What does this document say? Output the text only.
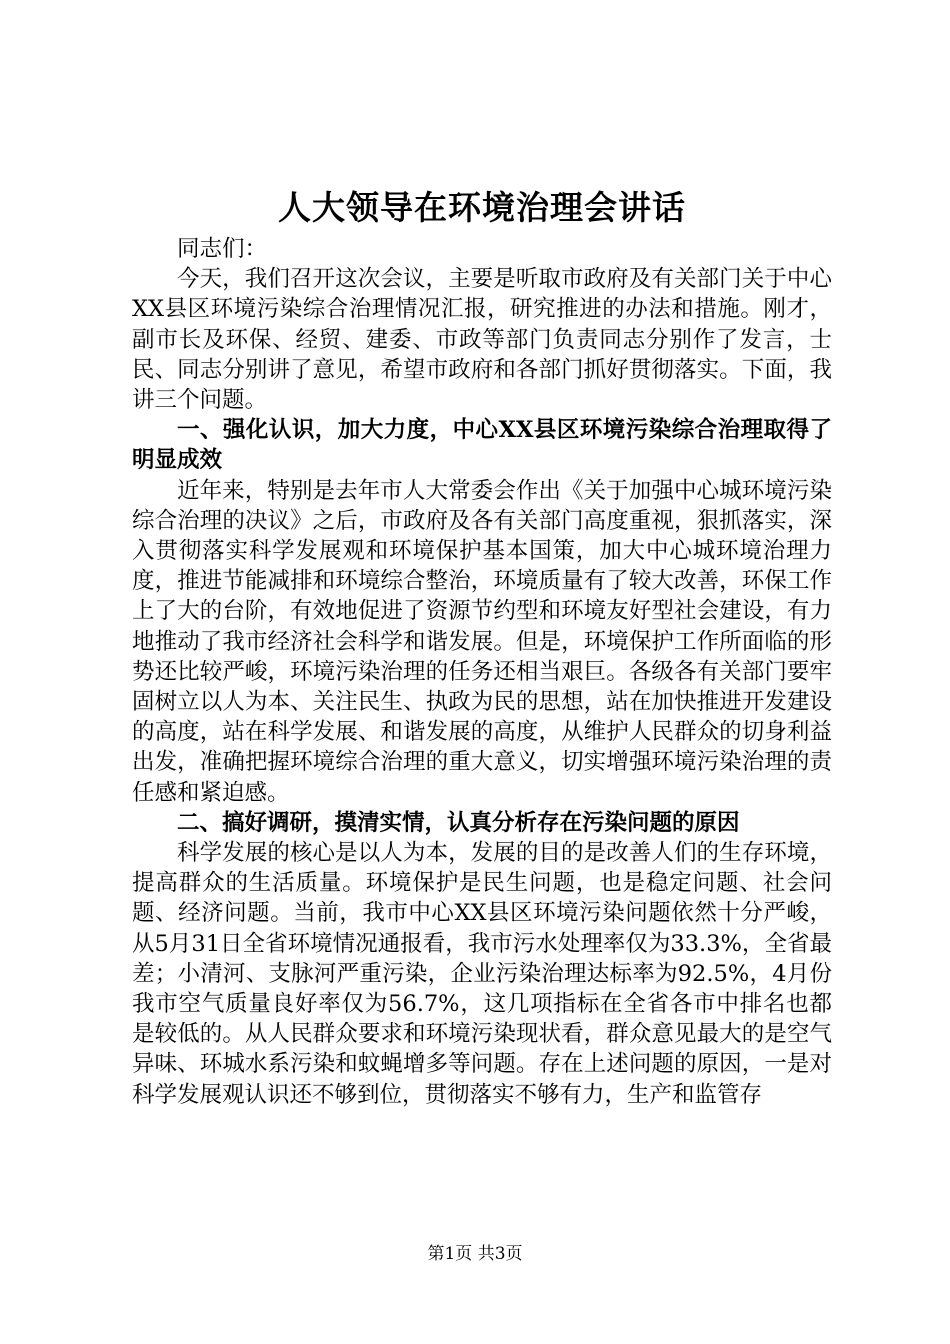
人大领导在环境治理会讲话

同志们：

今天，我们召开这次会议，主要是听取市政府及有关部门关于中心XX县区环境污染综合治理情况汇报，研究推进的办法和措施。刚才，副市长及环保、经贸、建委、市政等部门负责同志分别作了发言，士民、同志分别讲了意见，希望市政府和各部门抓好贯彻落实。下面，我讲三个问题。

一、强化认识，加大力度，中心XX县区环境污染综合治理取得了明显成效

近年来，特别是去年市人大常委会作出《关于加强中心城环境污染综合治理的决议》之后，市政府及各有关部门高度重视，狠抓落实，深入贯彻落实科学发展观和环境保护基本国策，加大中心城环境治理力度，推进节能减排和环境综合整治，环境质量有了较大改善，环保工作上了大的台阶，有效地促进了资源节约型和环境友好型社会建设，有力地推动了我市经济社会科学和谐发展。但是，环境保护工作所面临的形势还比较严峻，环境污染治理的任务还相当艰巨。各级各有关部门要牢固树立以人为本、关注民生、执政为民的思想，站在加快推进开发建设的高度，站在科学发展、和谐发展的高度，从维护人民群众的切身利益出发，准确把握环境综合治理的重大意义，切实增强环境污染治理的责任感和紧迫感。

二、搞好调研，摸清实情，认真分析存在污染问题的原因

科学发展的核心是以人为本，发展的目的是改善人们的生存环境，提高群众的生活质量。环境保护是民生问题，也是稳定问题、社会问题、经济问题。当前，我市中心XX县区环境污染问题依然十分严峻，从5月31日全省环境情况通报看，我市污水处理率仅为33.3%，全省最差；小清河、支脉河严重污染，企业污染治理达标率为92.5%，4月份我市空气质量良好率仅为56.7%，这几项指标在全省各市中排名也都是较低的。从人民群众要求和环境污染现状看，群众意见最大的是空气异味、环城水系污染和蚊蝇增多等问题。存在上述问题的原因，一是对科学发展观认识还不够到位，贯彻落实不够有力，生产和监管存

第1页 共3页
